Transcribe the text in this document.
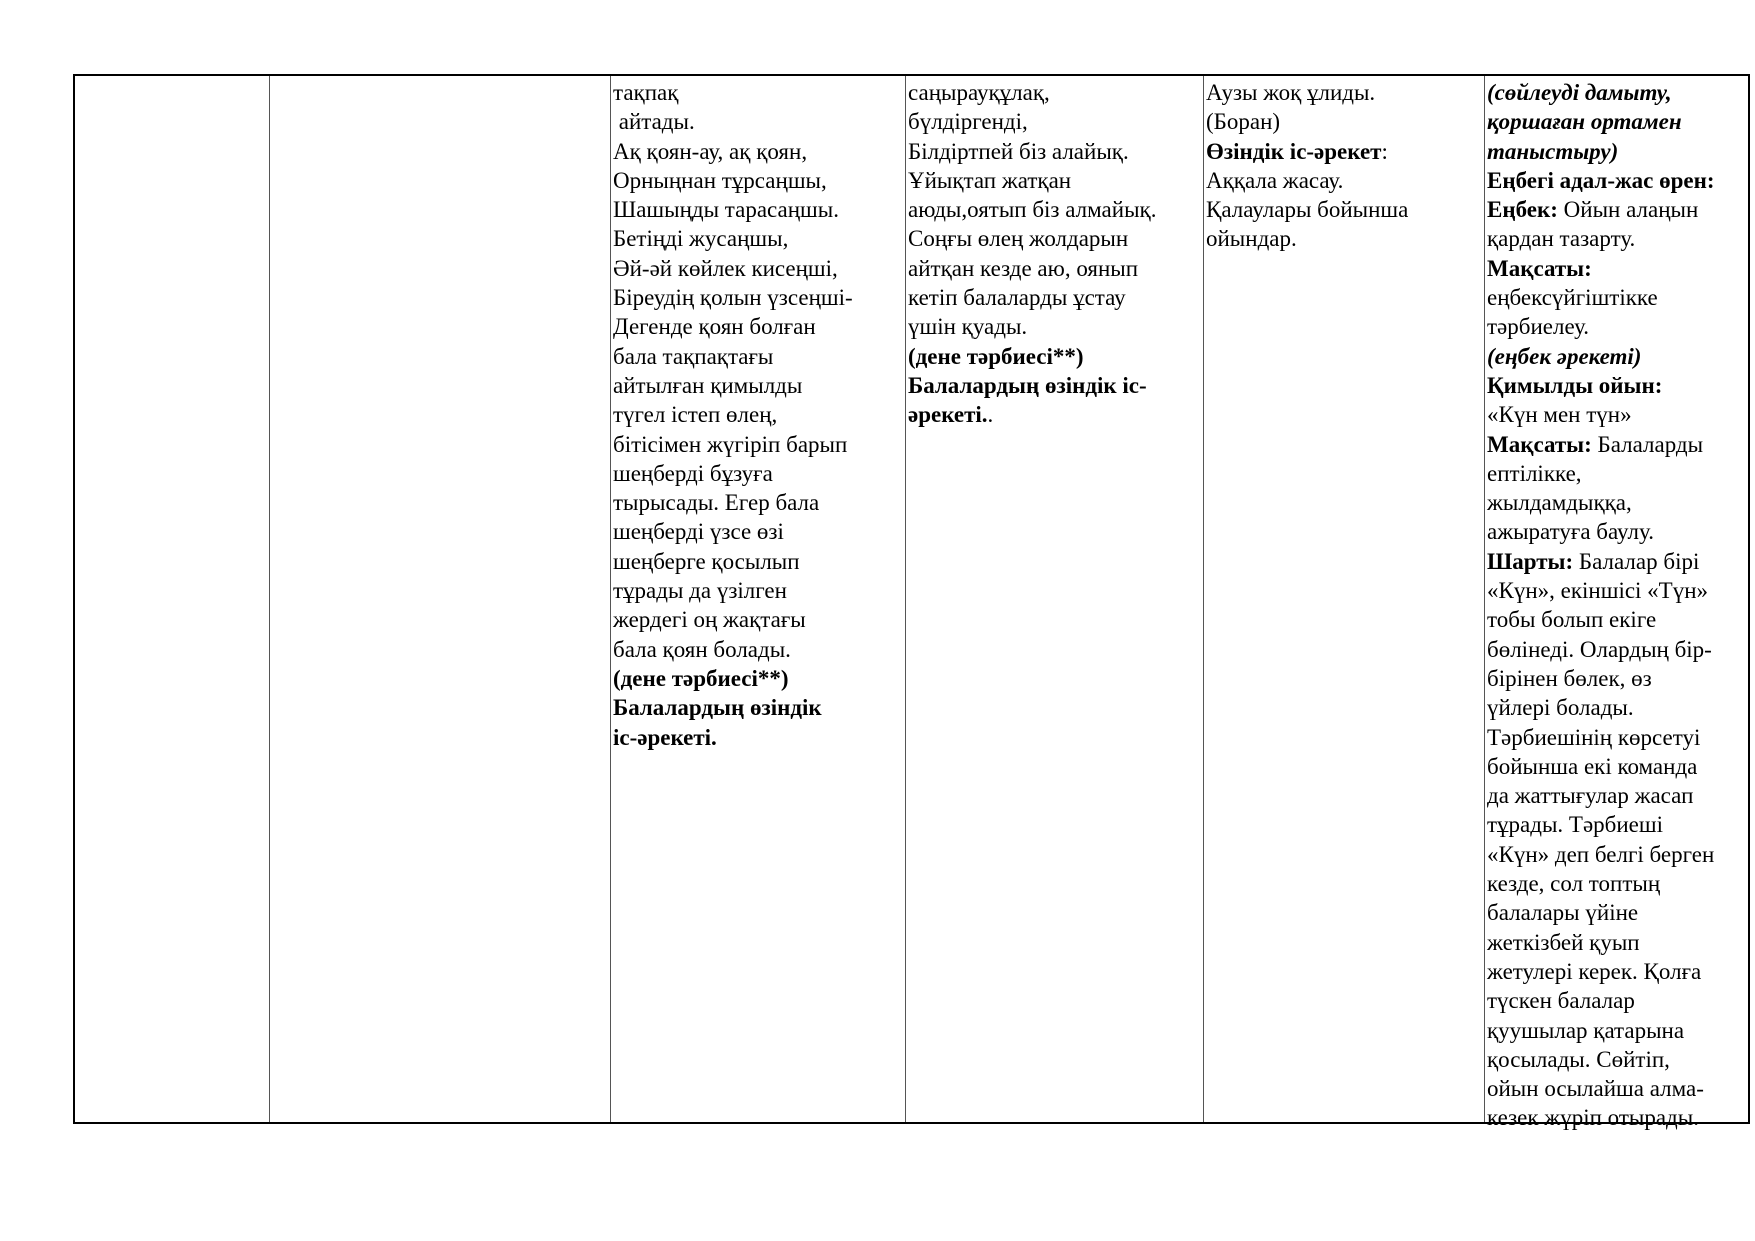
тақпақ
айтады.
Ақ қоян-ау, ақ қоян,
Орныңнан тұрсаңшы,
Шашыңды тарасаңшы.
Бетіңді жусаңшы,
Әй-әй көйлек кисеңші,
Біреудің қолын үзсеңші-
Дегенде қоян болған
бала тақпақтағы
айтылған қимылды
түгел істеп өлең,
бітісімен жүгіріп барып
шеңберді бұзуға
тырысады. Егер бала
шеңберді үзсе өзі
шеңберге қосылып
тұрады да үзілген
жердегі оң жақтағы
бала қоян болады.
(дене тәрбиесі**)
Балалардың өзіндік
іс-әрекеті.
саңырауқұлақ,
бүлдіргенді,
Білдіртпей біз алайық.
Ұйықтап жатқан
аюды,оятып біз алмайық.
Соңғы өлең жолдарын
айтқан кезде аю, оянып
кетіп балаларды ұстау
үшін қуады.
(дене тәрбиесі**)
Балалардың өзіндік іс-
әрекеті..
Аузы жоқ ұлиды.
(Боран)
Өзіндік іс-әрекет:
Аққала жасау.
Қалаулары бойынша
ойындар.
(сөйлеуді дамыту,
қоршаған ортамен
таныстыру)
Еңбегі адал-жас өрен:
Еңбек: Ойын алаңын
қардан тазарту.
Мақсаты:
еңбексүйгіштікке
тәрбиелеу.
(еңбек әрекеті)
Қимылды ойын:
«Күн мен түн»
Мақсаты: Балаларды
ептілікке,
жылдамдыққа,
ажыратуға баулу.
Шарты: Балалар бірі
«Күн», екіншісі «Түн»
тобы болып екіге
бөлінеді. Олардың бір-
бірінен бөлек, өз
үйлері болады.
Тәрбиешінің көрсетуі
бойынша екі команда
да жаттығулар жасап
тұрады. Тәрбиеші
«Күн» деп белгі берген
кезде, сол топтың
балалары үйіне
жеткізбей қуып
жетулері керек. Қолға
түскен балалар
қуушылар қатарына
қосылады. Сөйтіп,
ойын осылайша алма-
кезек жүріп отырады.
